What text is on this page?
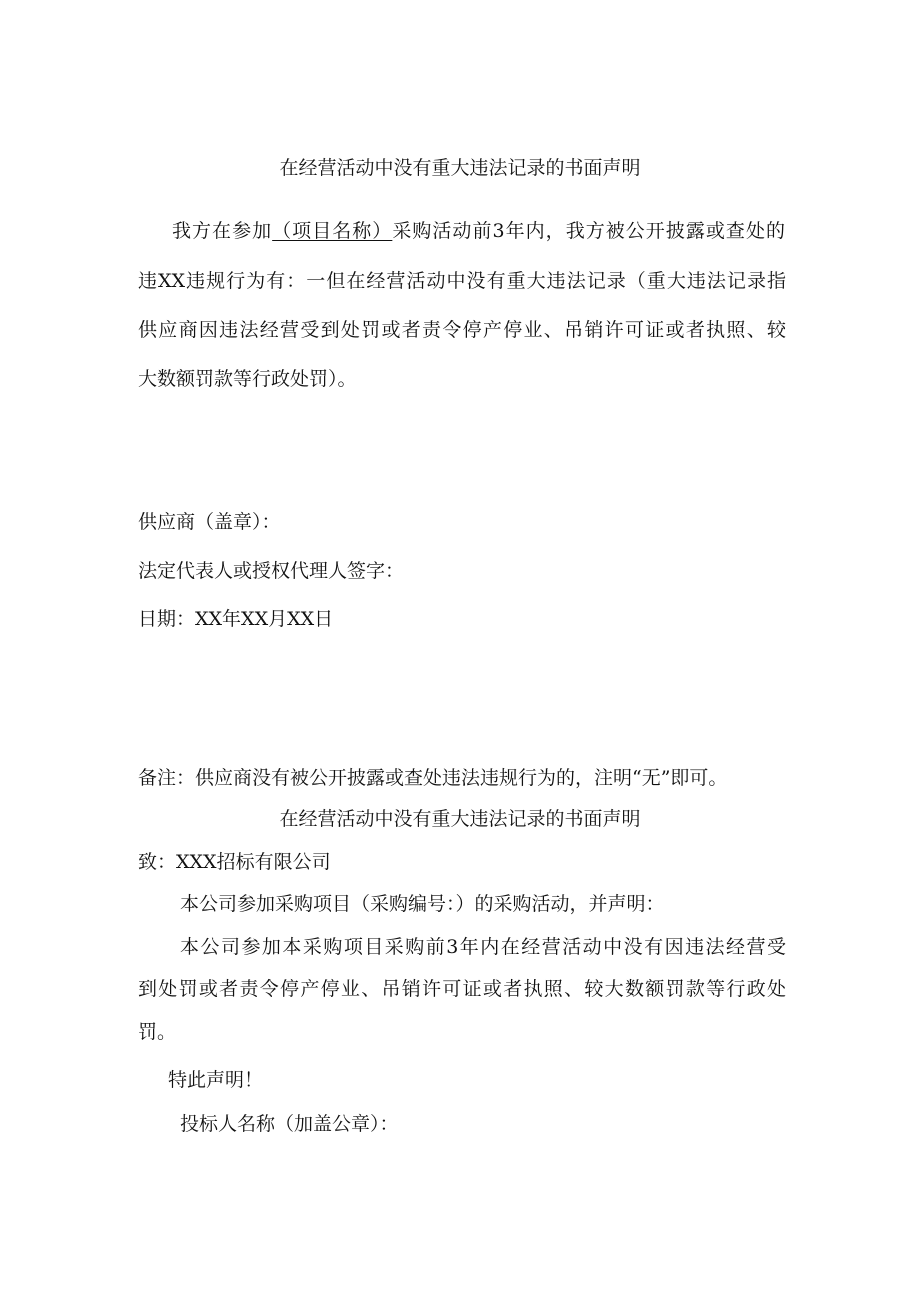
在经营活动中没有重大违法记录的书面声明

我方在参加（项目名称）采购活动前3年内，我方被公开披露或查处的

违XX违规行为有：一但在经营活动中没有重大违法记录（重大违法记录指

供应商因违法经营受到处罚或者责令停产停业、吊销许可证或者执照、较

大数额罚款等行政处罚）。

供应商（盖章）：

法定代表人或授权代理人签字：

日期：XX年XX月XX日

备注：供应商没有被公开披露或查处违法违规行为的，注明“无”即可。

在经营活动中没有重大违法记录的书面声明

致：XXX招标有限公司

本公司参加采购项目（采购编号：）的采购活动，并声明：

本公司参加本采购项目采购前3年内在经营活动中没有因违法经营受

到处罚或者责令停产停业、吊销许可证或者执照、较大数额罚款等行政处

罚。

特此声明！

投标人名称（加盖公章）：
